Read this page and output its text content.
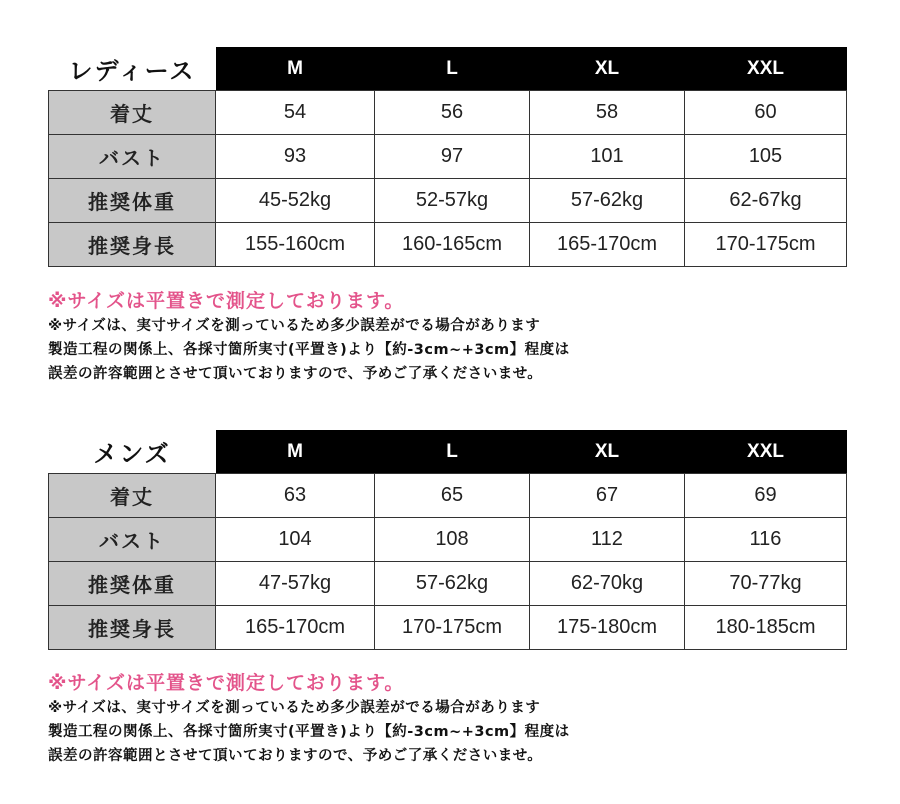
レディース	M	L	XL	XXL
着丈	54	56	58	60
バスト	93	97	101	105
推奨体重	45-52kg	52-57kg	57-62kg	62-67kg
推奨身長	155-160cm	160-165cm	165-170cm	170-175cm
※サイズは平置きで測定しております。
※サイズは、実寸サイズを測っているため多少誤差がでる場合があります
製造工程の関係上、各採寸箇所実寸(平置き)より【約-3cm~+3cm】程度は
誤差の許容範囲とさせて頂いておりますので、予めご了承くださいませ。
メンズ	M	L	XL	XXL
着丈	63	65	67	69
バスト	104	108	112	116
推奨体重	47-57kg	57-62kg	62-70kg	70-77kg
推奨身長	165-170cm	170-175cm	175-180cm	180-185cm
※サイズは平置きで測定しております。
※サイズは、実寸サイズを測っているため多少誤差がでる場合があります
製造工程の関係上、各採寸箇所実寸(平置き)より【約-3cm~+3cm】程度は
誤差の許容範囲とさせて頂いておりますので、予めご了承くださいませ。
